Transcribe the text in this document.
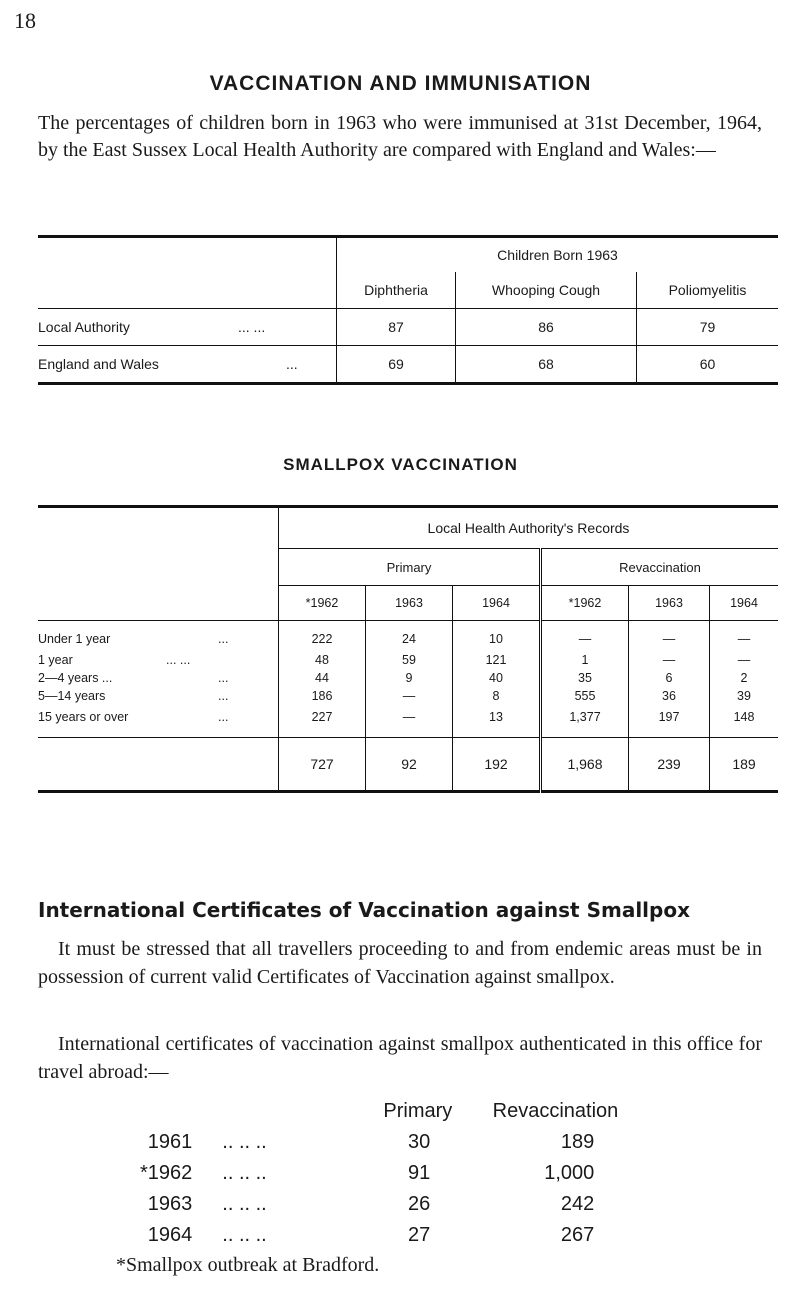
18
VACCINATION AND IMMUNISATION
The percentages of children born in 1963 who were immunised at 31st December, 1964, by the East Sussex Local Health Authority are compared with England and Wales:—
	Children Born 1963		
	Diphtheria	Whooping Cough	Poliomyelitis
Local Authority ... ...	87	86	79
England and Wales ...	69	68	60
SMALLPOX VACCINATION
	Local Health Authority's Records					
	Primary			Revaccination		
	*1962	1963	1964	*1962	1963	1964
Under 1 year ...	222	24	10	—	—	—
1 year ... ...	48	59	121	1	—	—
2—4 years ... ...	44	9	40	35	6	2
5—14 years ...	186	—	8	555	36	39
15 years or over ...	227	—	13	1,377	197	148
	727	92	192	1,968	239	189
International Certificates of Vaccination against Smallpox
It must be stressed that all travellers proceeding to and from endemic areas must be in possession of current valid Certificates of Vaccination against smallpox.
International certificates of vaccination against smallpox authenticated in this office for travel abroad:—
		Primary	Revaccination
1961	.. .. ..	30	189
*1962	.. .. ..	91	1,000
1963	.. .. ..	26	242
1964	.. .. ..	27	267
*Smallpox outbreak at Bradford.
